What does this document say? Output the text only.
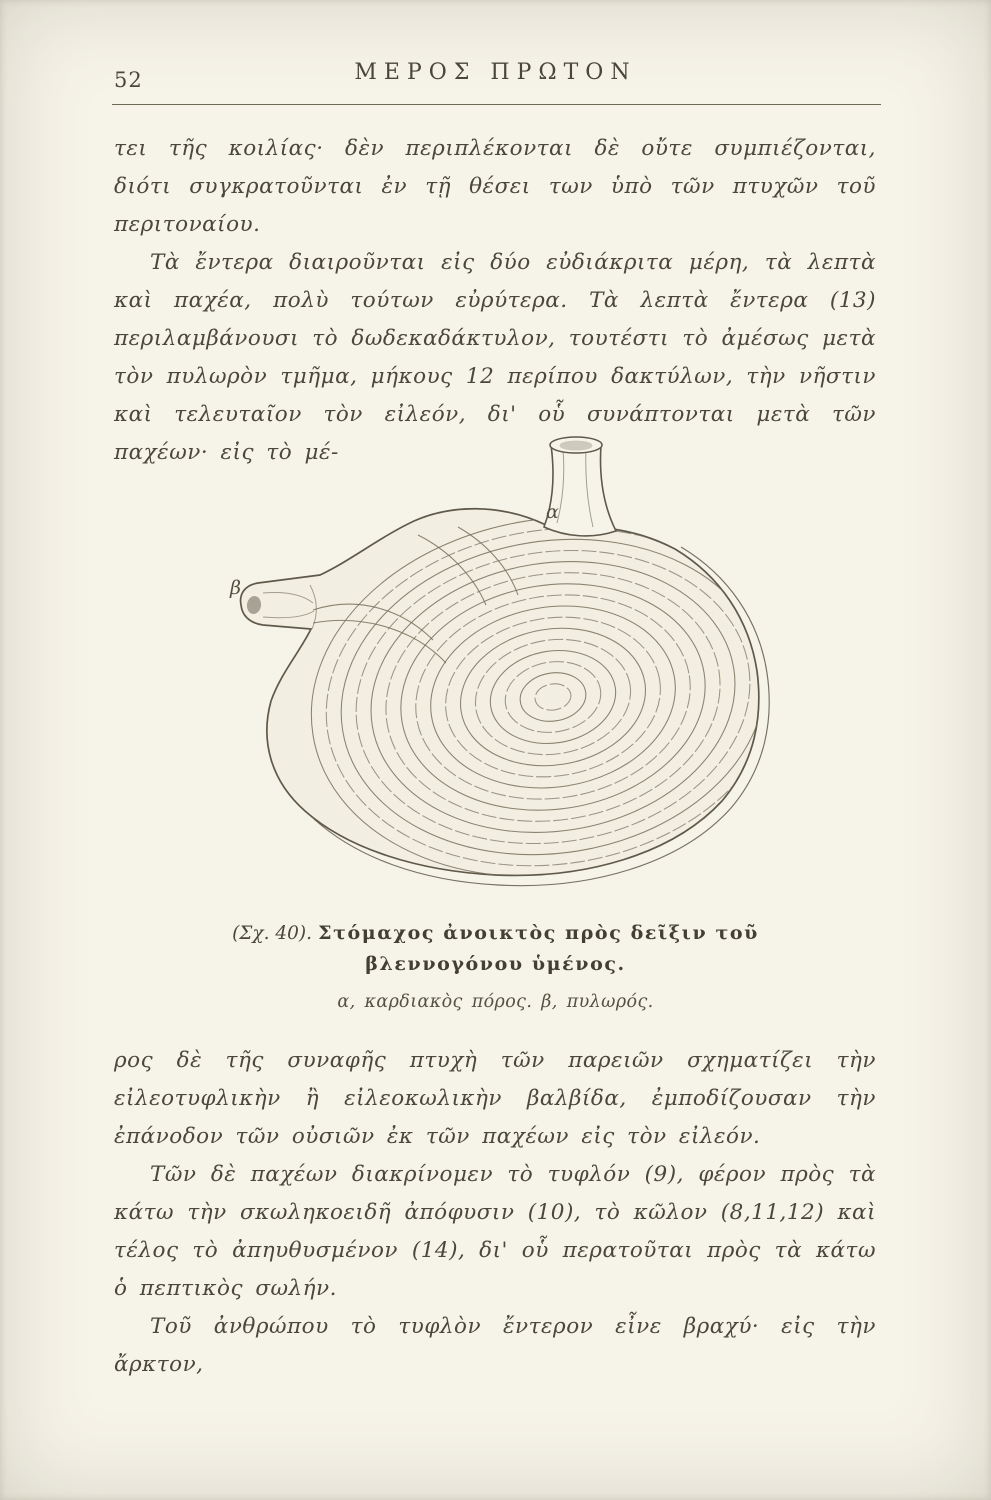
52	ΜΕΡΟΣ ΠΡΩΤΟΝ

τει τῆς κοιλίας· δὲν περιπλέκονται δὲ οὔτε συμπιέζονται, διότι συγκρατοῦνται ἐν τῇ θέσει των ὑπὸ τῶν πτυχῶν τοῦ περιτοναίου.

Τὰ ἔντερα διαιροῦνται εἰς δύο εὐδιάκριτα μέρη, τὰ λεπτὰ καὶ παχέα, πολὺ τούτων εὐρύτερα. Τὰ λεπτὰ ἔντερα (13) περιλαμβάνουσι τὸ δωδεκαδάκτυλον, τουτέστι τὸ ἀμέσως μετὰ τὸν πυλωρὸν τμῆμα, μήκους 12 περίπου δακτύλων, τὴν νῆστιν καὶ τελευταῖον τὸν εἰλεόν, δι' οὗ συνάπτονται μετὰ τῶν παχέων· εἰς τὸ μέ-

α
β
(Σχ. 40). Στόμαχος ἀνοικτὸς πρὸς δεῖξιν τοῦ βλεννογόνου ὑμένος.
α, καρδιακὸς πόρος. β, πυλωρός.

ρος δὲ τῆς συναφῆς πτυχὴ τῶν παρειῶν σχηματίζει τὴν εἰλεοτυφλικὴν ἢ εἰλεοκωλικὴν βαλβίδα, ἐμποδίζουσαν τὴν ἐπάνοδον τῶν οὐσιῶν ἐκ τῶν παχέων εἰς τὸν εἰλεόν.

Τῶν δὲ παχέων διακρίνομεν τὸ τυφλόν (9), φέρον πρὸς τὰ κάτω τὴν σκωληκοειδῆ ἀπόφυσιν (10), τὸ κῶλον (8,11,12) καὶ τέλος τὸ ἀπηυθυσμένον (14), δι' οὗ περατοῦται πρὸς τὰ κάτω ὁ πεπτικὸς σωλήν.

Τοῦ ἀνθρώπου τὸ τυφλὸν ἔντερον εἶνε βραχύ· εἰς τὴν ἄρκτον,
